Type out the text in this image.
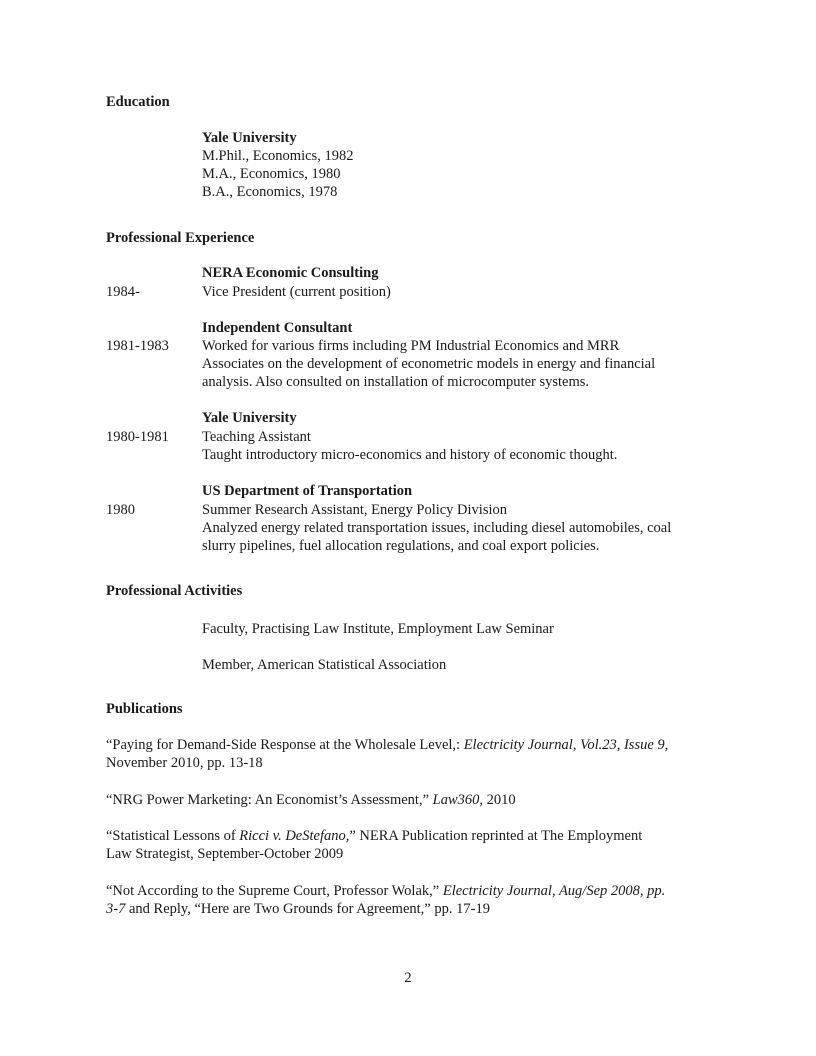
Education
Yale University
M.Phil., Economics, 1982
M.A., Economics, 1980
B.A., Economics, 1978
Professional Experience
NERA Economic Consulting
1984-	Vice President (current position)
Independent Consultant
1981-1983 Worked for various firms including PM Industrial Economics and MRR
Associates on the development of econometric models in energy and financial
analysis. Also consulted on installation of microcomputer systems.
Yale University
1980-1981 Teaching Assistant
Taught introductory micro-economics and history of economic thought.
US Department of Transportation
1980	Summer Research Assistant, Energy Policy Division
Analyzed energy related transportation issues, including diesel automobiles, coal
slurry pipelines, fuel allocation regulations, and coal export policies.
Professional Activities
Faculty, Practising Law Institute, Employment Law Seminar
Member, American Statistical Association
Publications
“Paying for Demand-Side Response at the Wholesale Level,: Electricity Journal, Vol.23, Issue 9,
November 2010, pp. 13-18
“NRG Power Marketing: An Economist’s Assessment,” Law360, 2010
“Statistical Lessons of Ricci v. DeStefano,” NERA Publication reprinted at The Employment
Law Strategist, September-October 2009
“Not According to the Supreme Court, Professor Wolak,” Electricity Journal, Aug/Sep 2008, pp.
3-7 and Reply, “Here are Two Grounds for Agreement,” pp. 17-19
2
